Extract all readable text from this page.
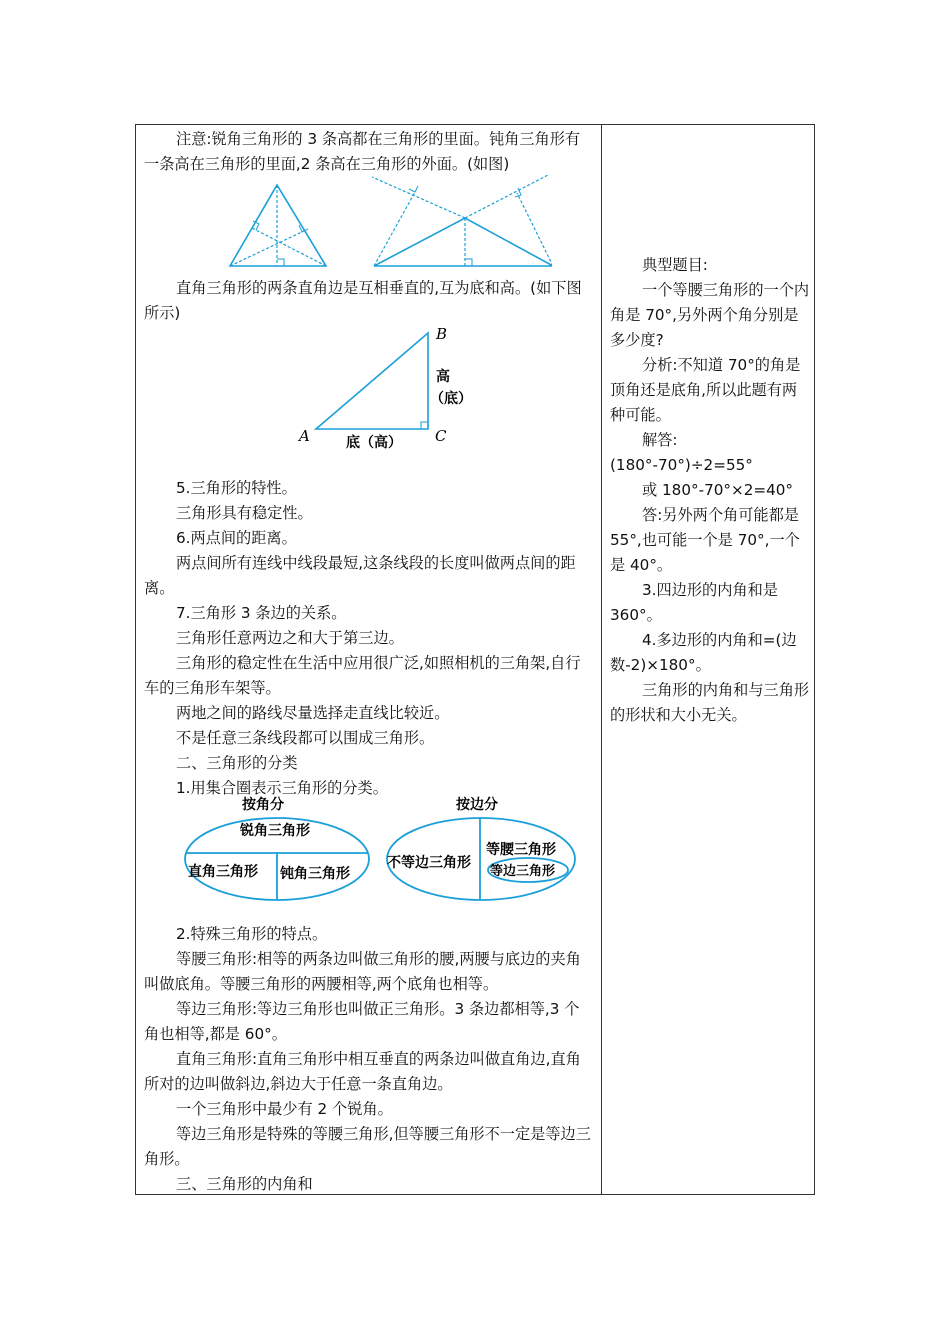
注意:锐角三角形的 3 条高都在三角形的里面。钝角三角形有一条高在三角形的里面,2 条高在三角形的外面。(如图)

直角三角形的两条直角边是互相垂直的,互为底和高。(如下图所示)

A
B
C
底（高）
高
（底）

5.三角形的特性。

三角形具有稳定性。

6.两点间的距离。

两点间所有连线中线段最短,这条线段的长度叫做两点间的距离。

7.三角形 3 条边的关系。

三角形任意两边之和大于第三边。

三角形的稳定性在生活中应用很广泛,如照相机的三角架,自行车的三角形车架等。

两地之间的路线尽量选择走直线比较近。

不是任意三条线段都可以围成三角形。

二、三角形的分类

1.用集合圈表示三角形的分类。

按角分
锐角三角形
直角三角形 钝角三角形
按边分
不等边三角形
等腰三角形
等边三角形

2.特殊三角形的特点。

等腰三角形:相等的两条边叫做三角形的腰,两腰与底边的夹角叫做底角。等腰三角形的两腰相等,两个底角也相等。

等边三角形:等边三角形也叫做正三角形。3 条边都相等,3 个角也相等,都是 60°。

直角三角形:直角三角形中相互垂直的两条边叫做直角边,直角所对的边叫做斜边,斜边大于任意一条直角边。

一个三角形中最少有 2 个锐角。

等边三角形是特殊的等腰三角形,但等腰三角形不一定是等边三角形。

三、三角形的内角和

典型题目:

一个等腰三角形的一个内角是 70°,另外两个角分别是多少度?

分析:不知道 70°的角是顶角还是底角,所以此题有两种可能。

解答:(180°-70°)÷2=55°

或 180°-70°×2=40°

答:另外两个角可能都是 55°,也可能一个是 70°,一个是 40°。

3.四边形的内角和是 360°。

4.多边形的内角和=(边数-2)×180°。

三角形的内角和与三角形的形状和大小无关。
